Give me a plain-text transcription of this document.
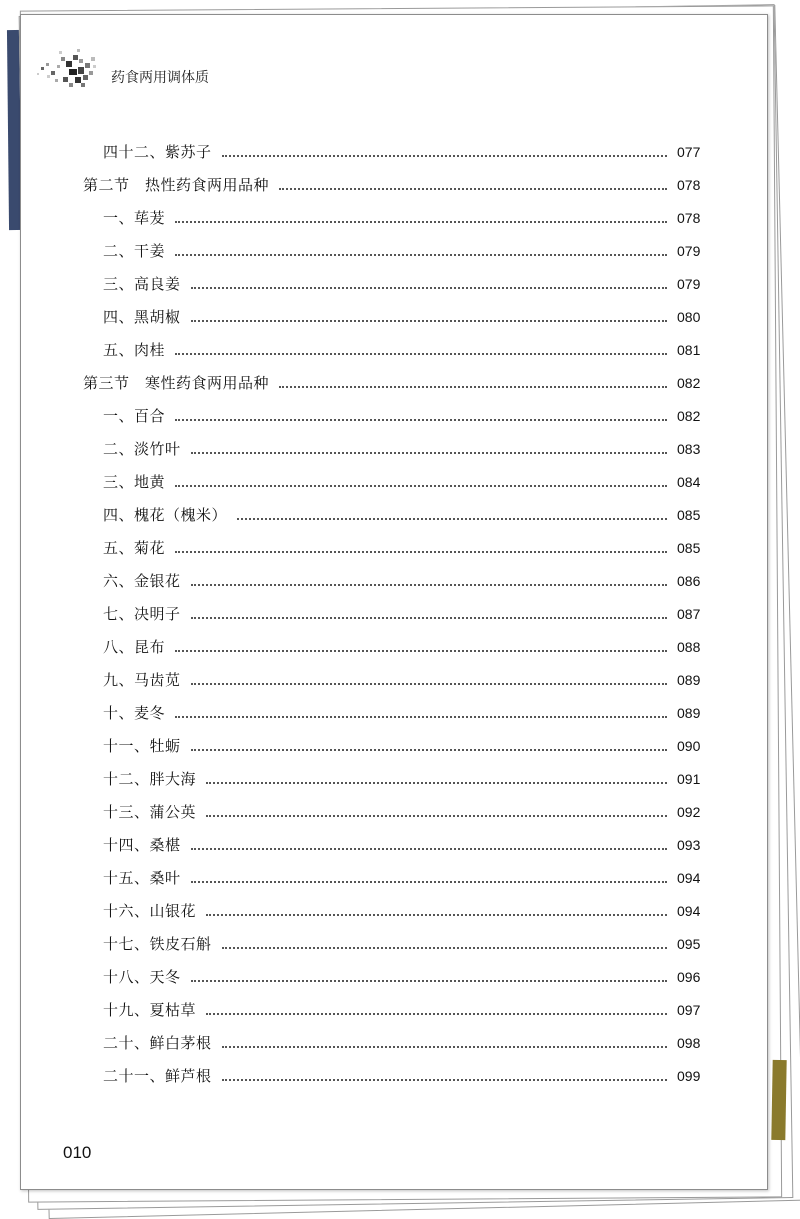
药食两用调体质
四十二、紫苏子	077
第二节　热性药食两用品种	078
一、荜茇	078
二、干姜	079
三、高良姜	079
四、黑胡椒	080
五、肉桂	081
第三节　寒性药食两用品种	082
一、百合	082
二、淡竹叶	083
三、地黄	084
四、槐花（槐米）	085
五、菊花	085
六、金银花	086
七、决明子	087
八、昆布	088
九、马齿苋	089
十、麦冬	089
十一、牡蛎	090
十二、胖大海	091
十三、蒲公英	092
十四、桑椹	093
十五、桑叶	094
十六、山银花	094
十七、铁皮石斛	095
十八、天冬	096
十九、夏枯草	097
二十、鲜白茅根	098
二十一、鲜芦根	099
010
